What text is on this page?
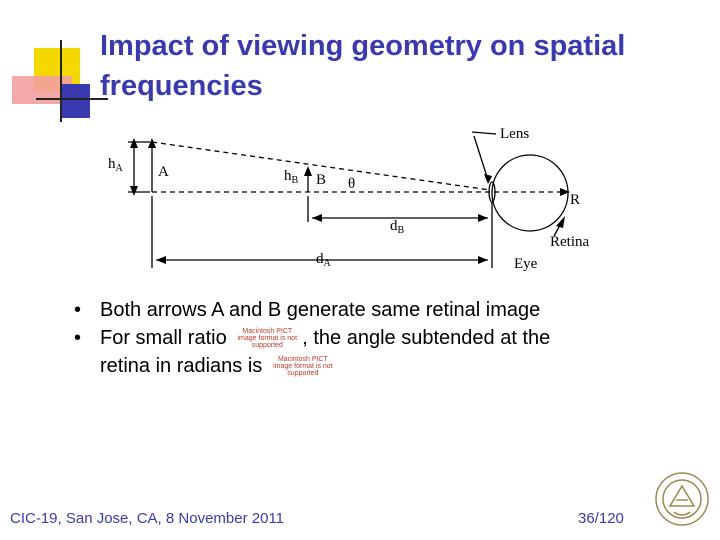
Impact of viewing geometry on spatial frequencies
Lens
$h_A$ A	$h_B$ B θ
R
$d_B$
Retina
$d_A$	Eye
• Both arrows A and B generate same retinal image
• For small ratio Macintosh PICT image format is not supported , the angle subtended at the
retina in radians is Macintosh PICT image format is not supported
CIC-19, San Jose, CA, 8 November 2011	36/120
